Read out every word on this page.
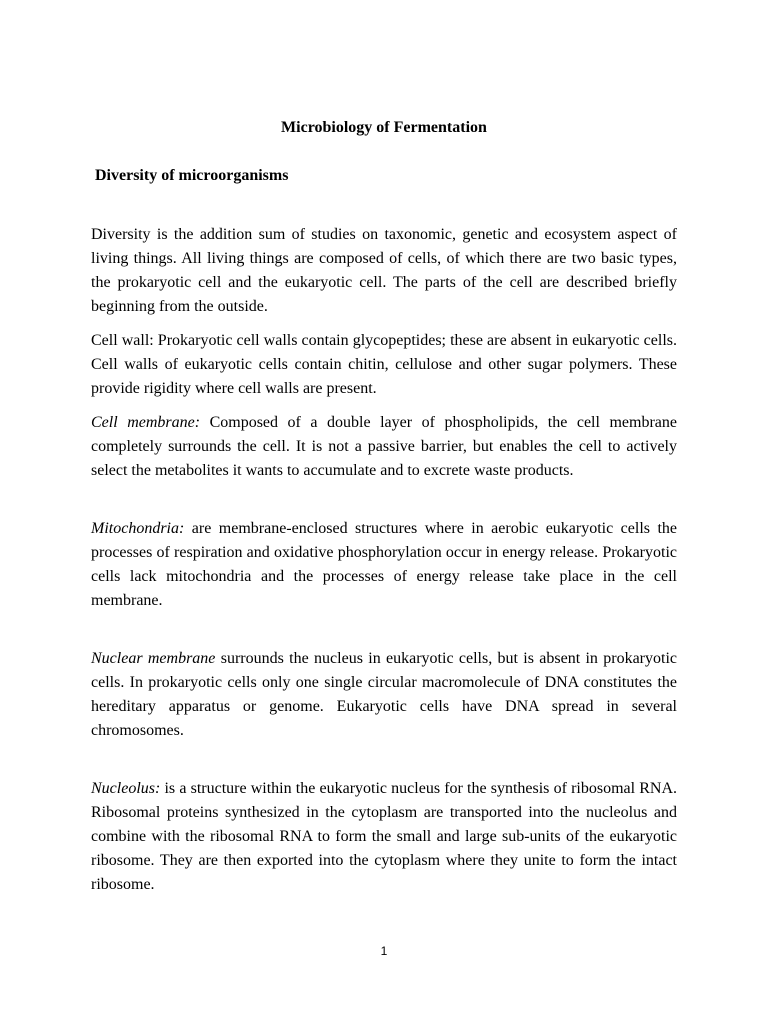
Microbiology of Fermentation
Diversity of microorganisms

Diversity is the addition sum of studies on taxonomic, genetic and ecosystem aspect of living things. All living things are composed of cells, of which there are two basic types, the prokaryotic cell and the eukaryotic cell. The parts of the cell are described briefly beginning from the outside.

Cell wall: Prokaryotic cell walls contain glycopeptides; these are absent in eukaryotic cells. Cell walls of eukaryotic cells contain chitin, cellulose and other sugar polymers. These provide rigidity where cell walls are present.

Cell membrane: Composed of a double layer of phospholipids, the cell membrane completely surrounds the cell. It is not a passive barrier, but enables the cell to actively select the metabolites it wants to accumulate and to excrete waste products.

Mitochondria: are membrane-enclosed structures where in aerobic eukaryotic cells the processes of respiration and oxidative phosphorylation occur in energy release. Prokaryotic cells lack mitochondria and the processes of energy release take place in the cell membrane.

Nuclear membrane surrounds the nucleus in eukaryotic cells, but is absent in prokaryotic cells. In prokaryotic cells only one single circular macromolecule of DNA constitutes the hereditary apparatus or genome. Eukaryotic cells have DNA spread in several chromosomes.

Nucleolus: is a structure within the eukaryotic nucleus for the synthesis of ribosomal RNA. Ribosomal proteins synthesized in the cytoplasm are transported into the nucleolus and combine with the ribosomal RNA to form the small and large sub-units of the eukaryotic ribosome. They are then exported into the cytoplasm where they unite to form the intact ribosome.

1
